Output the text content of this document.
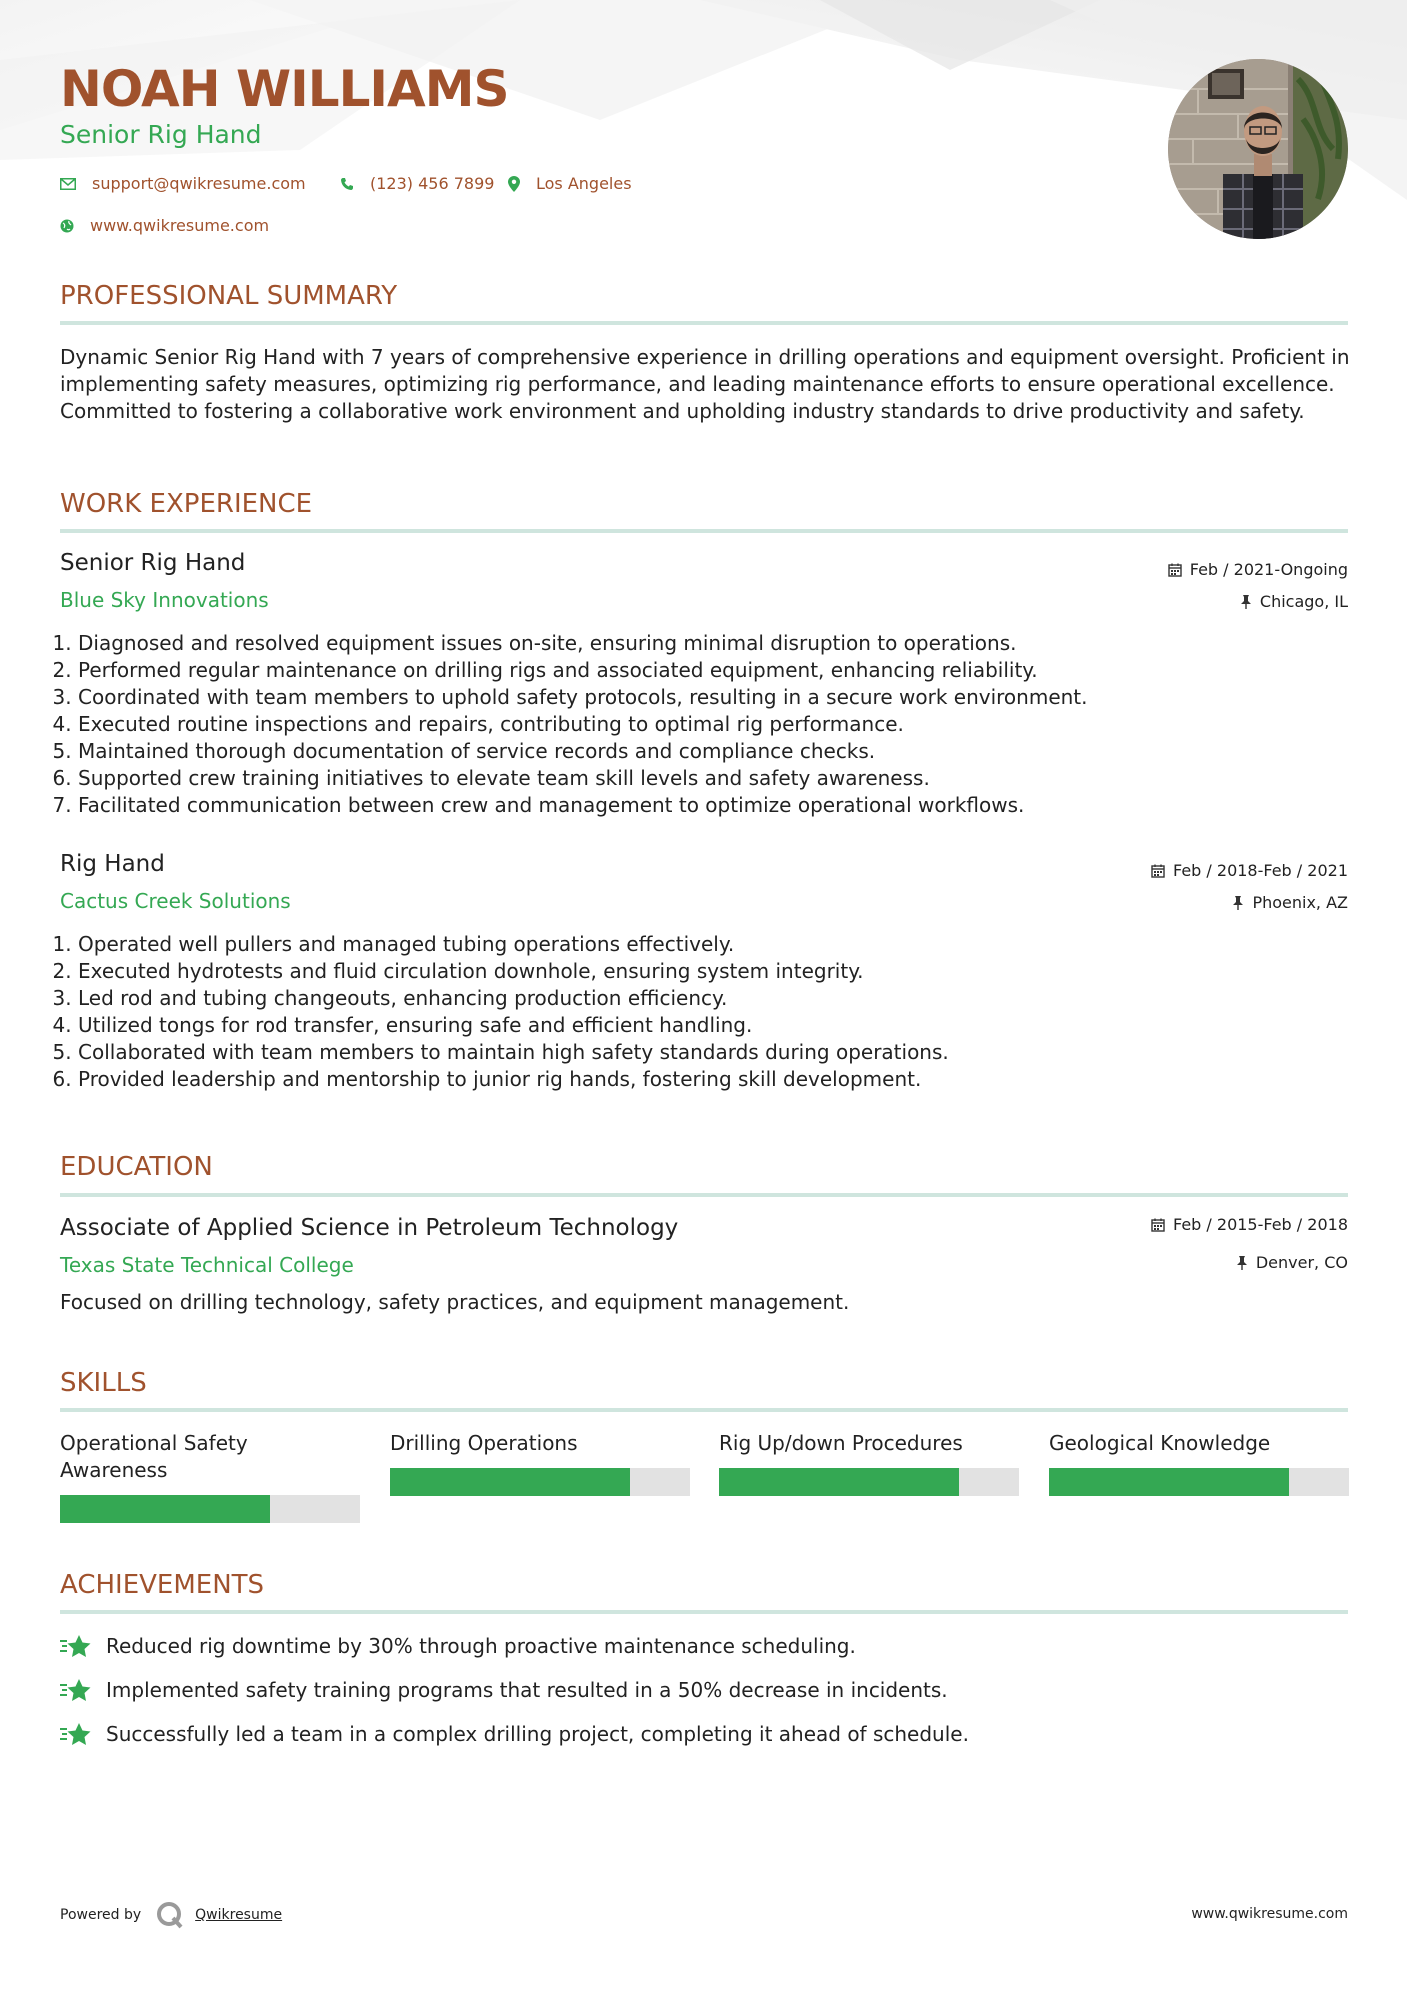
NOAH WILLIAMS
Senior Rig Hand
support@qwikresume.com	(123) 456 7899	Los Angeles
www.qwikresume.com
PROFESSIONAL SUMMARY
Dynamic Senior Rig Hand with 7 years of comprehensive experience in drilling operations and equipment oversight. Proficient in implementing safety measures, optimizing rig performance, and leading maintenance efforts to ensure operational excellence. Committed to fostering a collaborative work environment and upholding industry standards to drive productivity and safety.
WORK EXPERIENCE
Senior Rig Hand
Blue Sky Innovations
Feb / 2021-Ongoing
Chicago, IL
1. Diagnosed and resolved equipment issues on-site, ensuring minimal disruption to operations.
2. Performed regular maintenance on drilling rigs and associated equipment, enhancing reliability.
3. Coordinated with team members to uphold safety protocols, resulting in a secure work environment.
4. Executed routine inspections and repairs, contributing to optimal rig performance.
5. Maintained thorough documentation of service records and compliance checks.
6. Supported crew training initiatives to elevate team skill levels and safety awareness.
7. Facilitated communication between crew and management to optimize operational workflows.
Rig Hand
Cactus Creek Solutions
Feb / 2018-Feb / 2021
Phoenix, AZ
1. Operated well pullers and managed tubing operations effectively.
2. Executed hydrotests and fluid circulation downhole, ensuring system integrity.
3. Led rod and tubing changeouts, enhancing production efficiency.
4. Utilized tongs for rod transfer, ensuring safe and efficient handling.
5. Collaborated with team members to maintain high safety standards during operations.
6. Provided leadership and mentorship to junior rig hands, fostering skill development.
EDUCATION
Associate of Applied Science in Petroleum Technology
Texas State Technical College
Feb / 2015-Feb / 2018
Denver, CO
Focused on drilling technology, safety practices, and equipment management.
SKILLS
Operational Safety Awareness
Drilling Operations	Rig Up/down Procedures	Geological Knowledge
ACHIEVEMENTS
Reduced rig downtime by 30% through proactive maintenance scheduling.
Implemented safety training programs that resulted in a 50% decrease in incidents.
Successfully led a team in a complex drilling project, completing it ahead of schedule.
Powered by	Qwikresume	www.qwikresume.com
